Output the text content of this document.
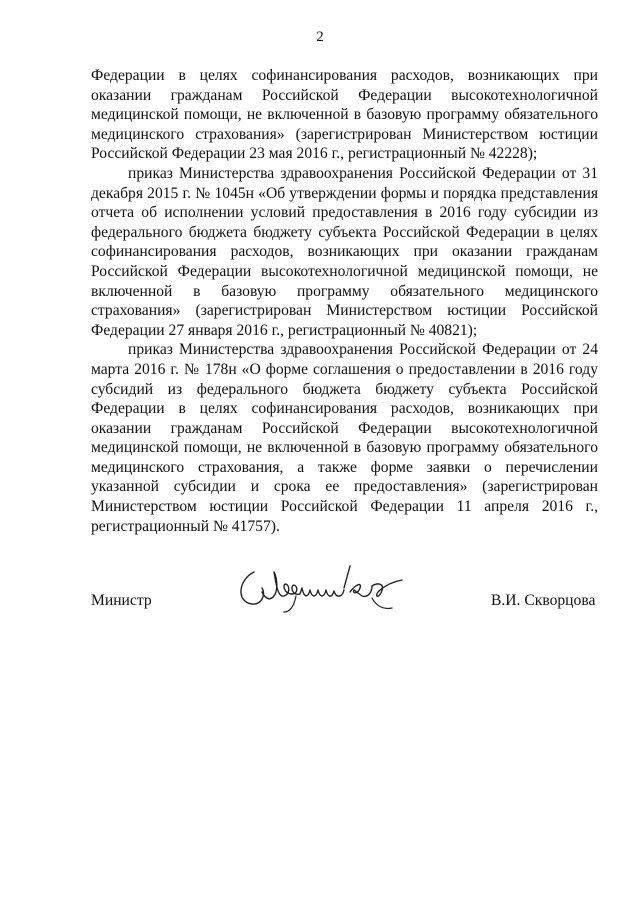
2

Федерации в целях софинансирования расходов, возникающих при оказании гражданам Российской Федерации высокотехнологичной медицинской помощи, не включенной в базовую программу обязательного медицинского страхования» (зарегистрирован Министерством юстиции Российской Федерации 23 мая 2016 г., регистрационный № 42228);

приказ Министерства здравоохранения Российской Федерации от 31 декабря 2015 г. № 1045н «Об утверждении формы и порядка представления отчета об исполнении условий предоставления в 2016 году субсидии из федерального бюджета бюджету субъекта Российской Федерации в целях софинансирования расходов, возникающих при оказании гражданам Российской Федерации высокотехнологичной медицинской помощи, не включенной в базовую программу обязательного медицинского страхования» (зарегистрирован Министерством юстиции Российской Федерации 27 января 2016 г., регистрационный № 40821);

приказ Министерства здравоохранения Российской Федерации от 24 марта 2016 г. № 178н «О форме соглашения о предоставлении в 2016 году субсидий из федерального бюджета бюджету субъекта Российской Федерации в целях софинансирования расходов, возникающих при оказании гражданам Российской Федерации высокотехнологичной медицинской помощи, не включенной в базовую программу обязательного медицинского страхования, а также форме заявки о перечислении указанной субсидии и срока ее предоставления» (зарегистрирован Министерством юстиции Российской Федерации 11 апреля 2016 г., регистрационный № 41757).

Министр	В.И. Скворцова
